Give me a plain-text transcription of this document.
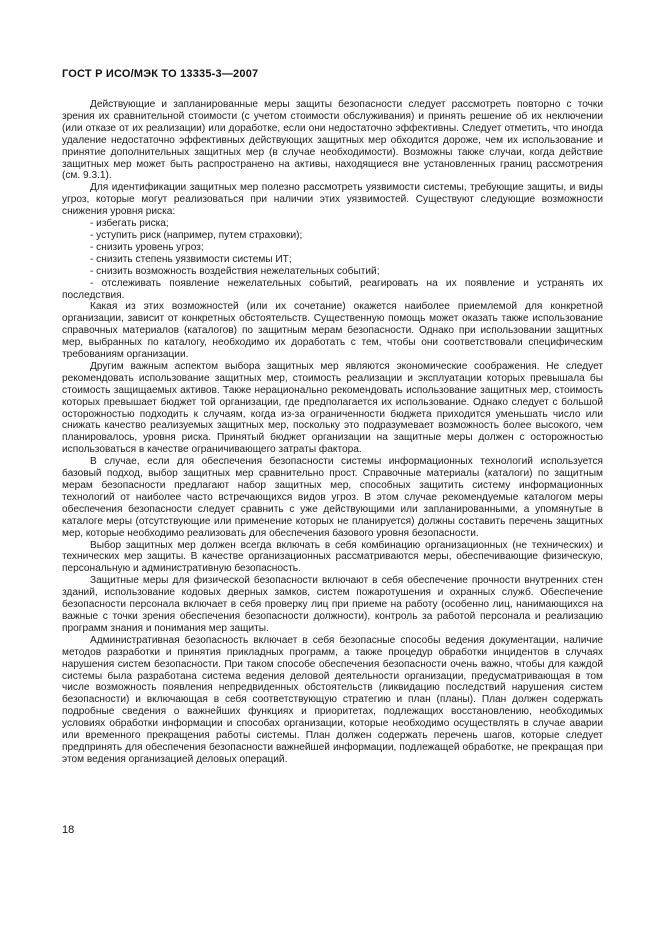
ГОСТ Р ИСО/МЭК ТО 13335-3—2007

Действующие и запланированные меры защиты безопасности следует рассмотреть повторно с точки зрения их сравнительной стоимости (с учетом стоимости обслуживания) и принять решение об их неключении (или отказе от их реализации) или доработке, если они недостаточно эффективны. Следует отметить, что иногда удаление недостаточно эффективных действующих защитных мер обходится дороже, чем их использование и принятие дополнительных защитных мер (в случае необходимости). Возможны также случаи, когда действие защитных мер может быть распространено на активы, находящиеся вне установленных границ рассмотрения (см. 9.3.1).

Для идентификации защитных мер полезно рассмотреть уязвимости системы, требующие защиты, и виды угроз, которые могут реализоваться при наличии этих уязвимостей. Существуют следующие возможности снижения уровня риска:

- избегать риска;

- уступить риск (например, путем страховки);

- снизить уровень угроз;

- снизить степень уязвимости системы ИТ;

- снизить возможность воздействия нежелательных событий;

- отслеживать появление нежелательных событий, реагировать на их появление и устранять их последствия.

Какая из этих возможностей (или их сочетание) окажется наиболее приемлемой для конкретной организации, зависит от конкретных обстоятельств. Существенную помощь может оказать также использование справочных материалов (каталогов) по защитным мерам безопасности. Однако при использовании защитных мер, выбранных по каталогу, необходимо их доработать с тем, чтобы они соответствовали специфическим требованиям организации.

Другим важным аспектом выбора защитных мер являются экономические соображения. Не следует рекомендовать использование защитных мер, стоимость реализации и эксплуатации которых превышала бы стоимость защищаемых активов. Также нерационально рекомендовать использование защитных мер, стоимость которых превышает бюджет той организации, где предполагается их использование. Однако следует с большой осторожностью подходить к случаям, когда из-за ограниченности бюджета приходится уменьшать число или снижать качество реализуемых защитных мер, поскольку это подразумевает возможность более высокого, чем планировалось, уровня риска. Принятый бюджет организации на защитные меры должен с осторожностью использоваться в качестве ограничивающего затраты фактора.

В случае, если для обеспечения безопасности системы информационных технологий используется базовый подход, выбор защитных мер сравнительно прост. Справочные материалы (каталоги) по защитным мерам безопасности предлагают набор защитных мер, способных защитить систему информационных технологий от наиболее часто встречающихся видов угроз. В этом случае рекомендуемые каталогом меры обеспечения безопасности следует сравнить с уже действующими или запланированными, а упомянутые в каталоге меры (отсутствующие или применение которых не планируется) должны составить перечень защитных мер, которые необходимо реализовать для обеспечения базового уровня безопасности.

Выбор защитных мер должен всегда включать в себя комбинацию организационных (не технических) и технических мер защиты. В качестве организационных рассматриваются меры, обеспечивающие физическую, персональную и административную безопасность.

Защитные меры для физической безопасности включают в себя обеспечение прочности внутренних стен зданий, использование кодовых дверных замков, систем пожаротушения и охранных служб. Обеспечение безопасности персонала включает в себя проверку лиц при приеме на работу (особенно лиц, нанимающихся на важные с точки зрения обеспечения безопасности должности), контроль за работой персонала и реализацию программ знания и понимания мер защиты.

Административная безопасность включает в себя безопасные способы ведения документации, наличие методов разработки и принятия прикладных программ, а также процедур обработки инцидентов в случаях нарушения систем безопасности. При таком способе обеспечения безопасности очень важно, чтобы для каждой системы была разработана система ведения деловой деятельности организации, предусматривающая в том числе возможность появления непредвиденных обстоятельств (ликвидацию последствий нарушения систем безопасности) и включающая в себя соответствующую стратегию и план (планы). План должен содержать подробные сведения о важнейших функциях и приоритетах, подлежащих восстановлению, необходимых условиях обработки информации и способах организации, которые необходимо осуществлять в случае аварии или временного прекращения работы системы. План должен содержать перечень шагов, которые следует предпринять для обеспечения безопасности важнейшей информации, подлежащей обработке, не прекращая при этом ведения организацией деловых операций.

18
